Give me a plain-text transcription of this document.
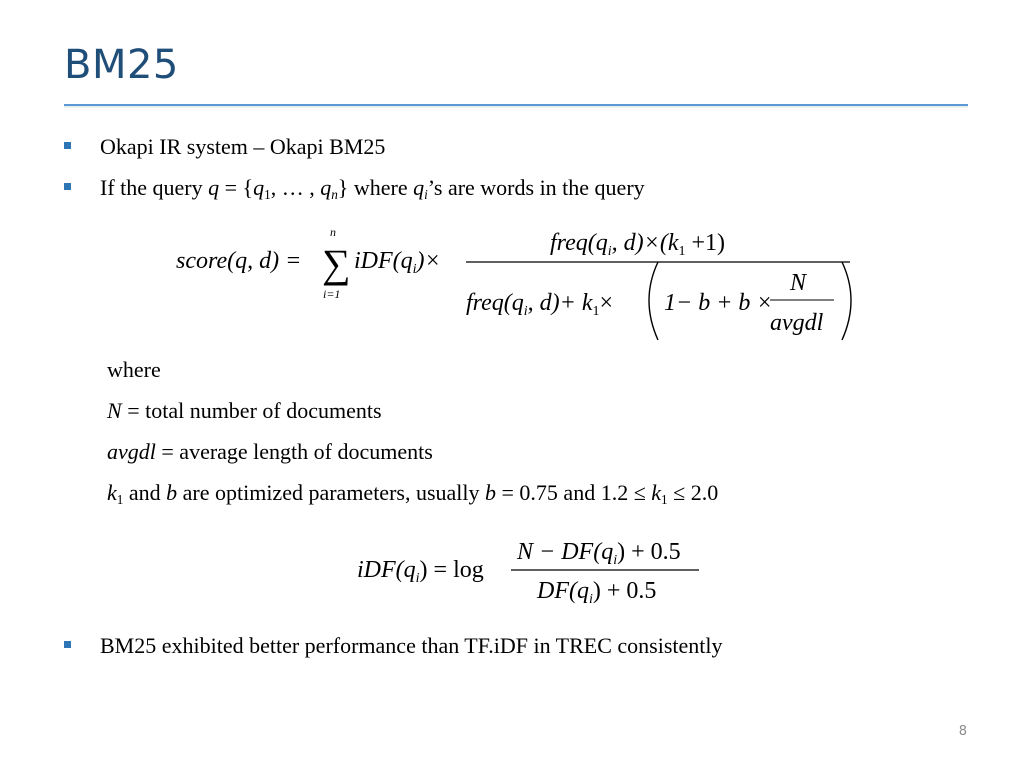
BM25
Okapi IR system – Okapi BM25
If the query $q = \{q_1$, … , $q_n$} where $q_i’s$ are words in the query
score(q, d) =
n
∑
i=1
$iDF(q_i)\times$
$freq(q_i$, $d)\times(k_1 +1)$
$freq(q_i$, $d)+ k_1\times 1- b + b$ ×
N
avgdl
where
N = total number of documents
avgdl = average length of documents
$k_1$ and b are optimized parameters, usually b = 0.75 and $1.2 \le k_1 \le 2.0$
$iDF(q_i) = \log$
$N - DF(q_i) + 0.5$
$DF(q_i) + 0.5$
BM25 exhibited better performance than TF.iDF in TREC consistently
8
